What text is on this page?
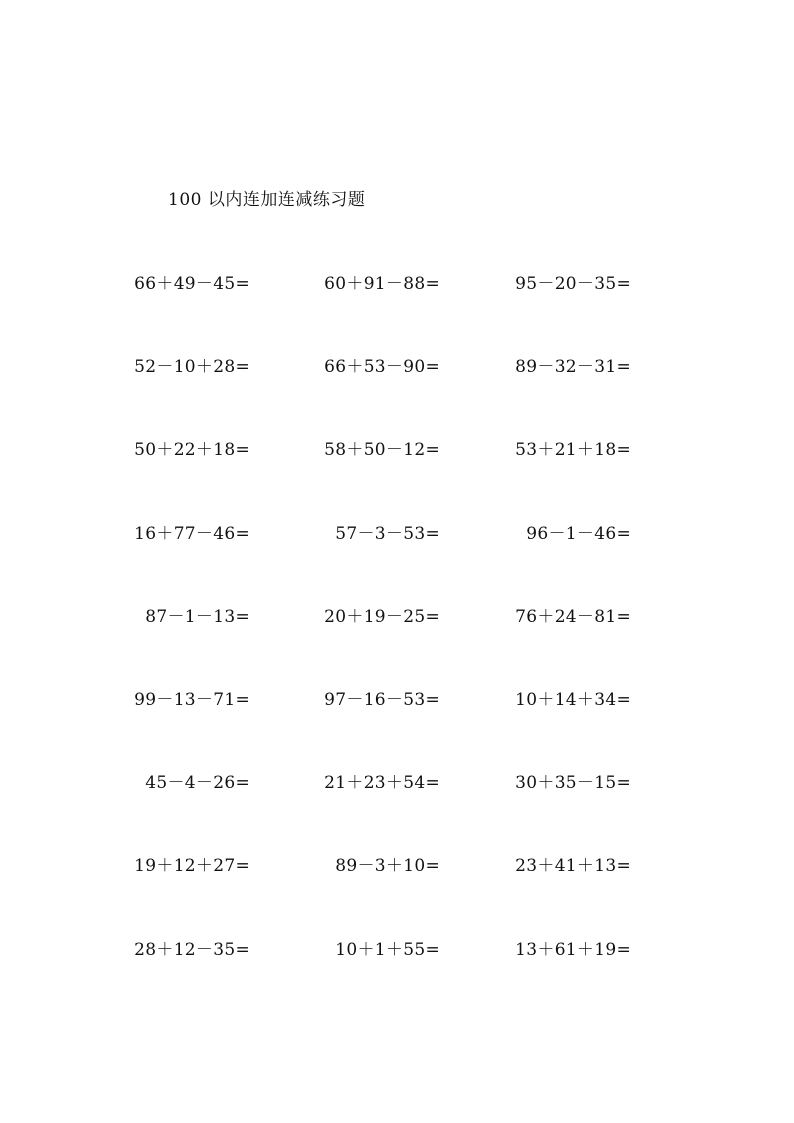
100 以内连加连减练习题
66＋49－45=	60＋91－88=	95－20－35=
52－10＋28=	66＋53－90=	89－32－31=
50＋22＋18=	58＋50－12=	53＋21＋18=
16＋77－46=	57－3－53=	96－1－46=
87－1－13=	20＋19－25=	76＋24－81=
99－13－71=	97－16－53=	10＋14＋34=
45－4－26=	21＋23＋54=	30＋35－15=
19＋12＋27=	89－3＋10=	23＋41＋13=
28＋12－35=	10＋1＋55=	13＋61＋19=
